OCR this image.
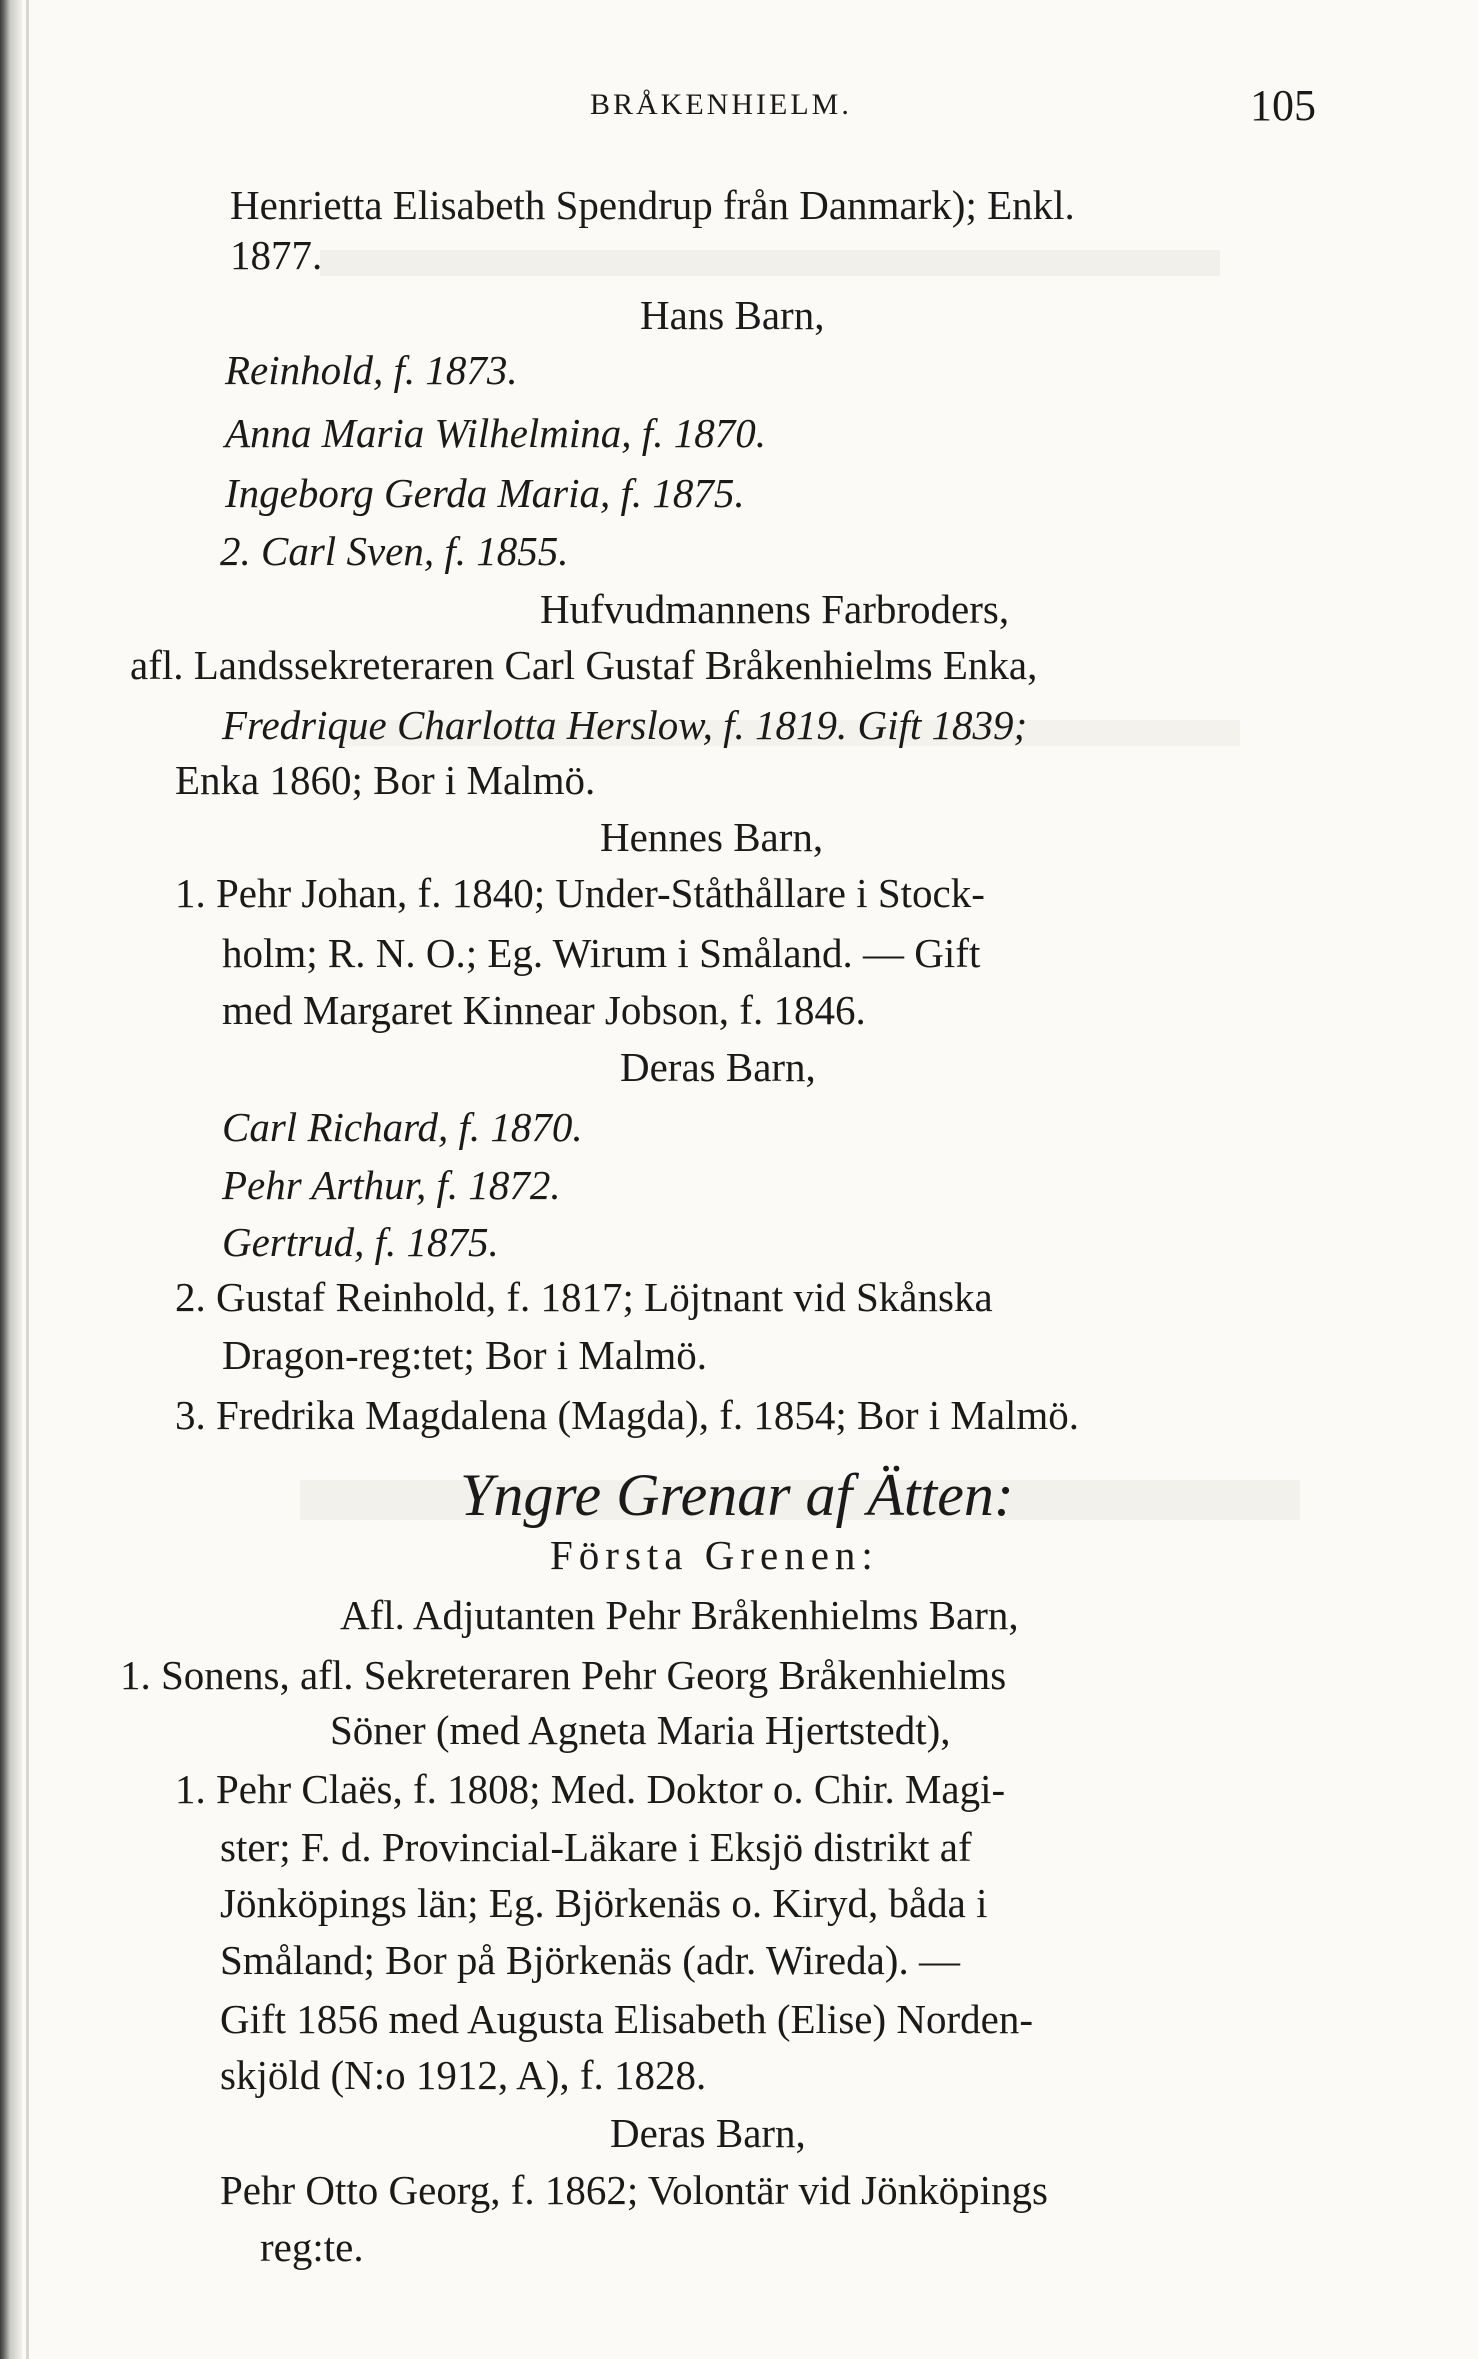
BRÅKENHIELM.	105
Henrietta Elisabeth Spendrup från Danmark); Enkl.
1877.
Hans Barn,
Reinhold, f. 1873.
Anna Maria Wilhelmina, f. 1870.
Ingeborg Gerda Maria, f. 1875.
2. Carl Sven, f. 1855.
Hufvudmannens Farbroders,
afl. Landssekreteraren Carl Gustaf Bråkenhielms Enka,
Fredrique Charlotta Herslow, f. 1819. Gift 1839;
Enka 1860; Bor i Malmö.
Hennes Barn,
1. Pehr Johan, f. 1840; Under-Ståthållare i Stock-
holm; R. N. O.; Eg. Wirum i Småland. — Gift
med Margaret Kinnear Jobson, f. 1846.
Deras Barn,
Carl Richard, f. 1870.
Pehr Arthur, f. 1872.
Gertrud, f. 1875.
2. Gustaf Reinhold, f. 1817; Löjtnant vid Skånska
Dragon-reg:tet; Bor i Malmö.
3. Fredrika Magdalena (Magda), f. 1854; Bor i Malmö.
Yngre Grenar af Ätten:
Första Grenen:
Afl. Adjutanten Pehr Bråkenhielms Barn,
1. Sonens, afl. Sekreteraren Pehr Georg Bråkenhielms
Söner (med Agneta Maria Hjertstedt),
1. Pehr Claës, f. 1808; Med. Doktor o. Chir. Magi-
ster; F. d. Provincial-Läkare i Eksjö distrikt af
Jönköpings län; Eg. Björkenäs o. Kiryd, båda i
Småland; Bor på Björkenäs (adr. Wireda). —
Gift 1856 med Augusta Elisabeth (Elise) Norden-
skjöld (N:o 1912, A), f. 1828.
Deras Barn,
Pehr Otto Georg, f. 1862; Volontär vid Jönköpings
reg:te.
